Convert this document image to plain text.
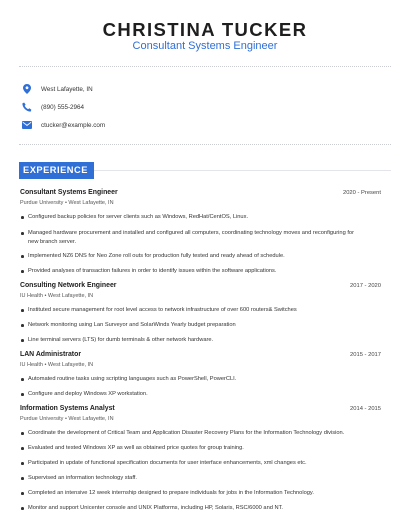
CHRISTINA TUCKER
Consultant Systems Engineer
West Lafayette, IN
(890) 555-2964
ctucker@example.com
EXPERIENCE
Consultant Systems Engineer	2020 - Present
Purdue University • West Lafayette, IN
Configured backup policies for server clients such as Windows, RedHat/CentOS, Linux.
Managed hardware procurement and installed and configured all computers, coordinating technology moves and reconfiguring for new branch server.
Implemented NZ6 DNS for Neo Zone roll outs for production fully tested and ready ahead of schedule.
Provided analyses of transaction failures in order to identify issues within the software applications.
Consulting Network Engineer	2017 - 2020
IU Health • West Lafayette, IN
Instituted secure management for root level access to network infrastructure of over 600 routers& Switches
Network monitoring using Lan Surveyor and SolarWinds Yearly budget preparation
Line terminal servers (LTS) for dumb terminals & other network hardware.
LAN Administrator	2015 - 2017
IU Health • West Lafayette, IN
Automated routine tasks using scripting languages such as PowerShell, PowerCLI.
Configure and deploy Windows XP workstation.
Information Systems Analyst	2014 - 2015
Purdue University • West Lafayette, IN
Coordinate the development of Critical Team and Application Disaster Recovery Plans for the Information Technology division.
Evaluated and tested Windows XP as well as obtained price quotes for group training.
Participated in update of functional specification documents for user interface enhancements, xml changes etc.
Supervised an information technology staff.
Completed an intensive 12 week internship designed to prepare individuals for jobs in the Information Technology.
Monitor and support Unicenter console and UNIX Platforms, including HP, Solaris, RSC/6000 and NT.
